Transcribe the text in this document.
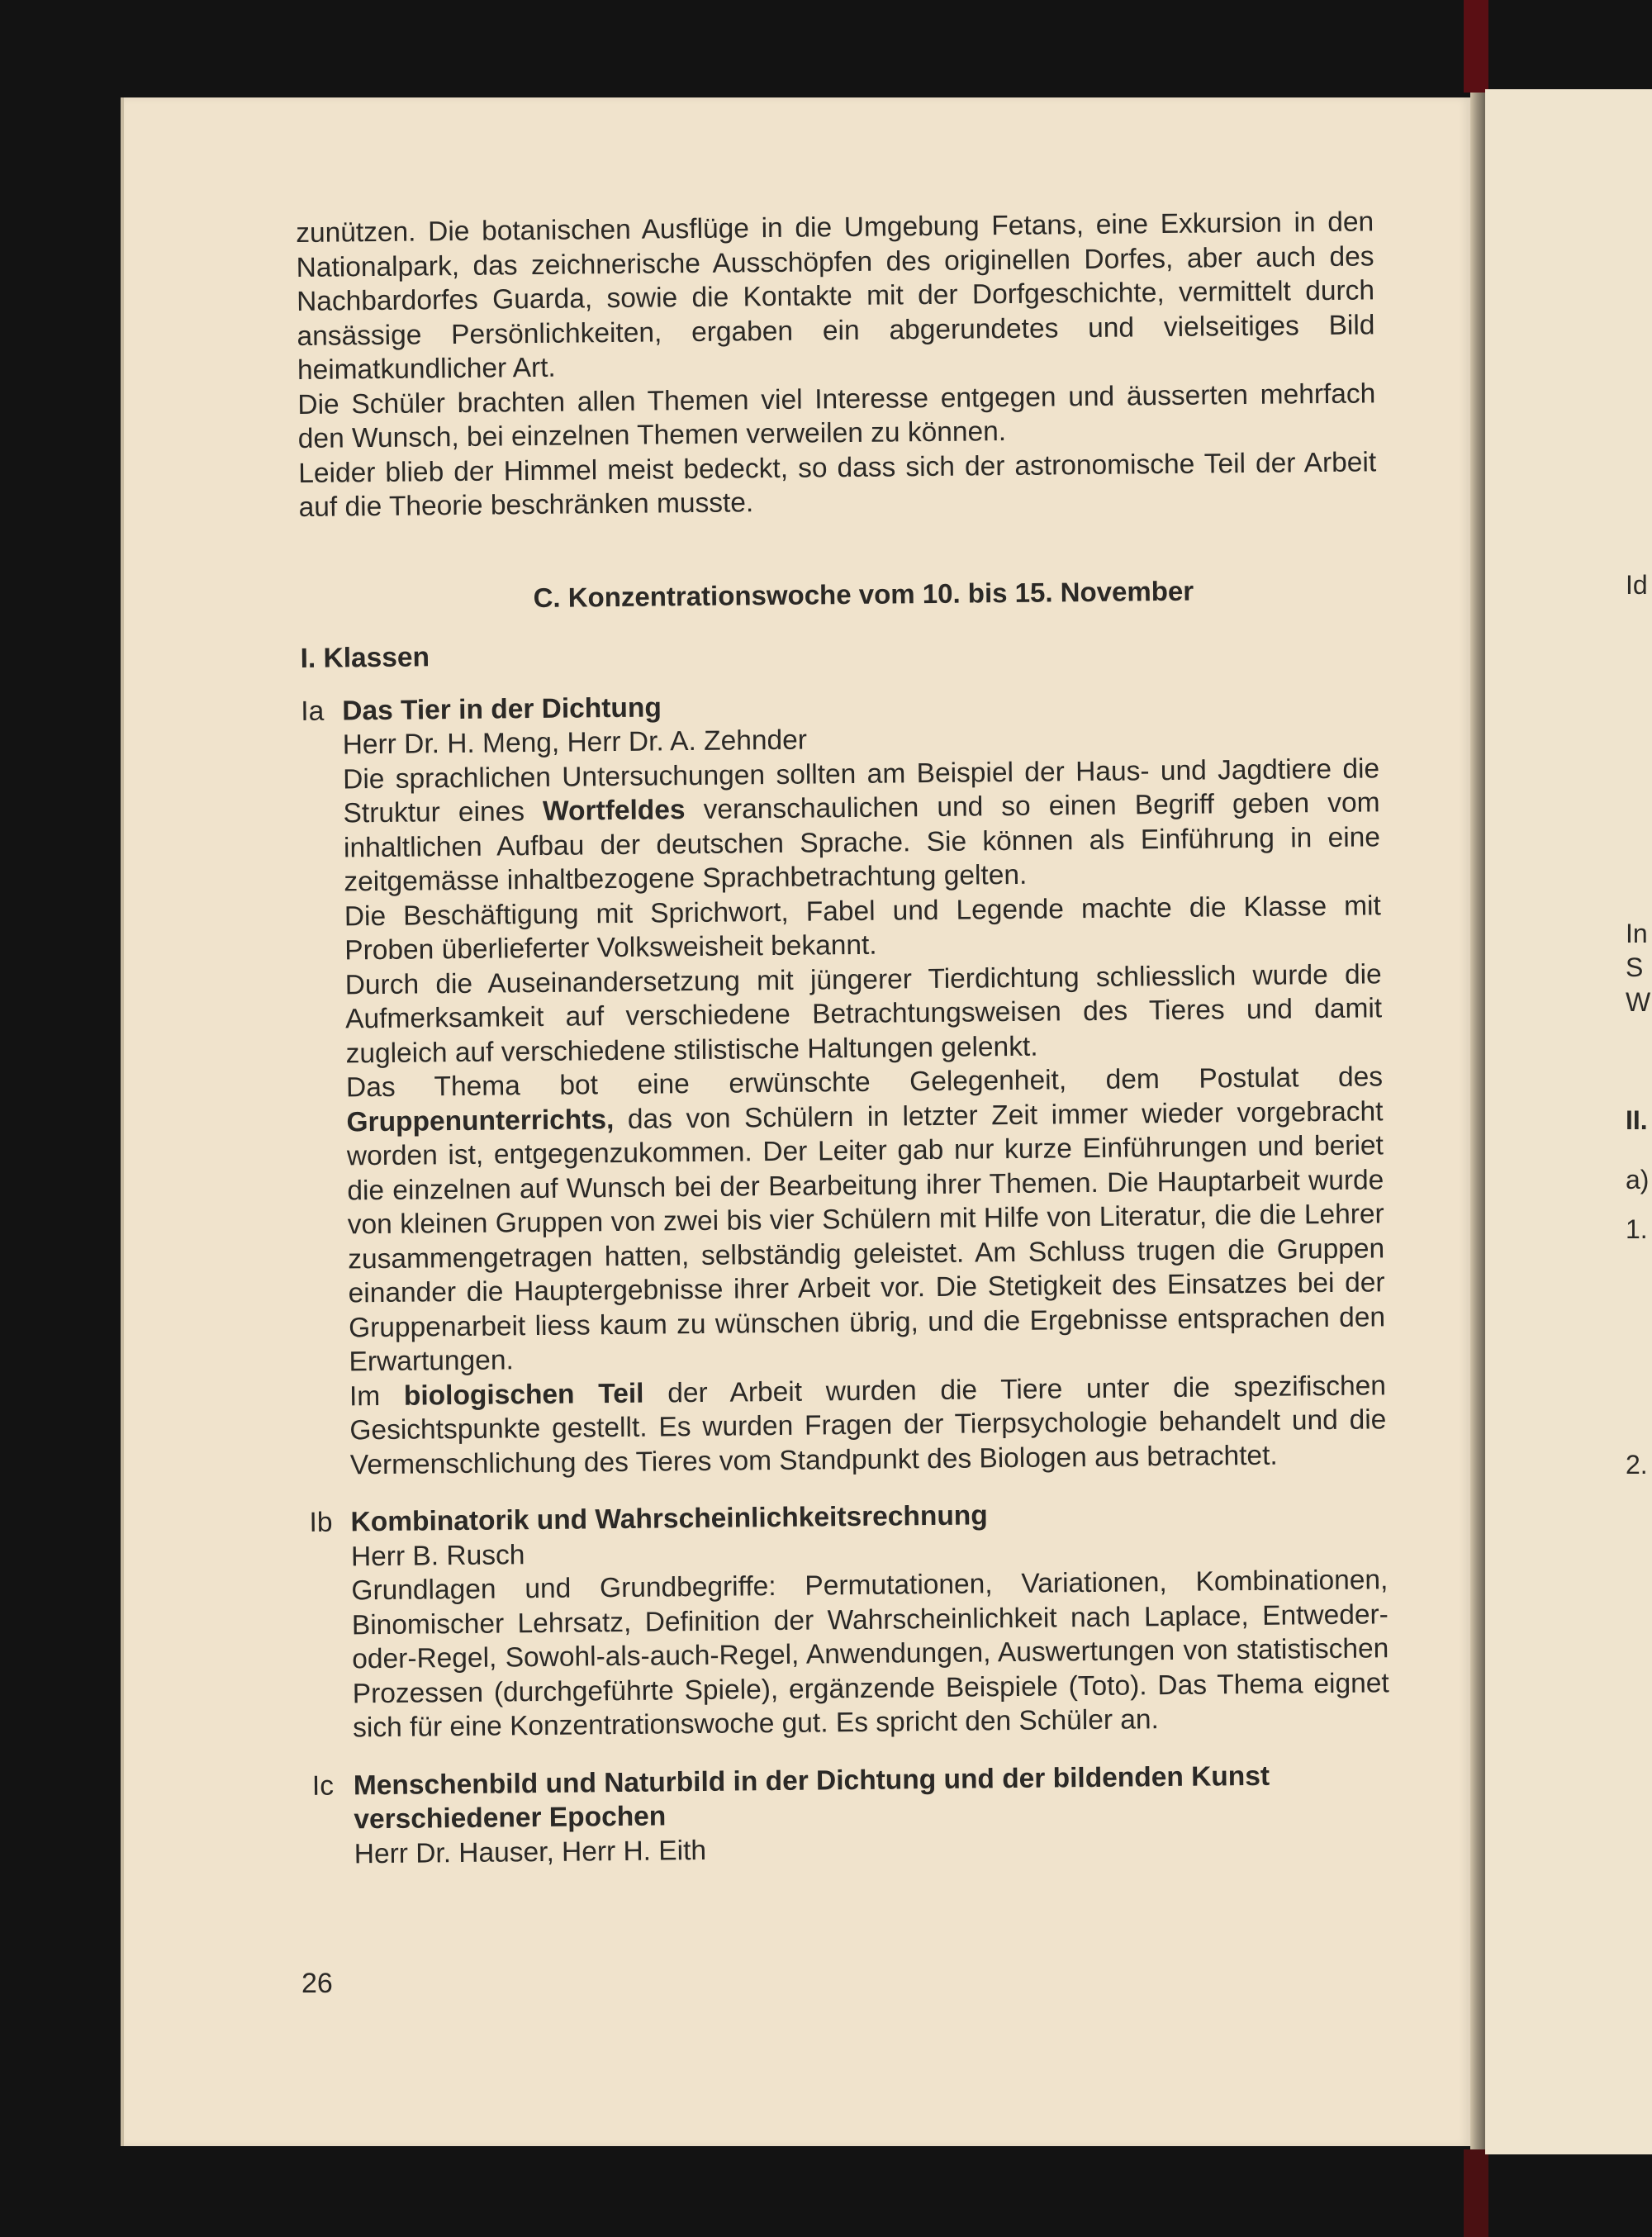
Id
In
S
W
II.
a)
1.
2.

zunützen. Die botanischen Ausflüge in die Umgebung Fetans, eine Exkursion in den Nationalpark, das zeichnerische Ausschöpfen des originellen Dorfes, aber auch des Nachbardorfes Guarda, sowie die Kontakte mit der Dorfgeschichte, vermittelt durch ansässige Persönlichkeiten, ergaben ein abgerundetes und vielseitiges Bild heimatkundlicher Art.

Die Schüler brachten allen Themen viel Interesse entgegen und äusserten mehrfach den Wunsch, bei einzelnen Themen verweilen zu können.

Leider blieb der Himmel meist bedeckt, so dass sich der astronomische Teil der Arbeit auf die Theorie beschränken musste.

C. Konzentrationswoche vom 10. bis 15. November
I. Klassen
Ia Das Tier in der Dichtung
Herr Dr. H. Meng, Herr Dr. A. Zehnder

Die sprachlichen Untersuchungen sollten am Beispiel der Haus- und Jagdtiere die Struktur eines Wortfeldes veranschaulichen und so einen Begriff geben vom inhaltlichen Aufbau der deutschen Sprache. Sie können als Einführung in eine zeitgemässe inhaltbezogene Sprachbetrachtung gelten.

Die Beschäftigung mit Sprichwort, Fabel und Legende machte die Klasse mit Proben überlieferter Volksweisheit bekannt.

Durch die Auseinandersetzung mit jüngerer Tierdichtung schliesslich wurde die Aufmerksamkeit auf verschiedene Betrachtungsweisen des Tieres und damit zugleich auf verschiedene stilistische Haltungen gelenkt.

Das Thema bot eine erwünschte Gelegenheit, dem Postulat des Gruppenunterrichts, das von Schülern in letzter Zeit immer wieder vorgebracht worden ist, entgegenzukommen. Der Leiter gab nur kurze Einführungen und beriet die einzelnen auf Wunsch bei der Bearbeitung ihrer Themen. Die Hauptarbeit wurde von kleinen Gruppen von zwei bis vier Schülern mit Hilfe von Literatur, die die Lehrer zusammengetragen hatten, selbständig geleistet. Am Schluss trugen die Gruppen einander die Hauptergebnisse ihrer Arbeit vor. Die Stetigkeit des Einsatzes bei der Gruppenarbeit liess kaum zu wünschen übrig, und die Ergebnisse entsprachen den Erwartungen.

Im biologischen Teil der Arbeit wurden die Tiere unter die spezifischen Gesichtspunkte gestellt. Es wurden Fragen der Tierpsychologie behandelt und die Vermenschlichung des Tieres vom Standpunkt des Biologen aus betrachtet.

Ib Kombinatorik und Wahrscheinlichkeitsrechnung
Herr B. Rusch

Grundlagen und Grundbegriffe: Permutationen, Variationen, Kombinationen, Binomischer Lehrsatz, Definition der Wahrscheinlichkeit nach Laplace, Entweder-oder-Regel, Sowohl-als-auch-Regel, Anwendungen, Auswertungen von statistischen Prozessen (durchgeführte Spiele), ergänzende Beispiele (Toto). Das Thema eignet sich für eine Konzentrationswoche gut. Es spricht den Schüler an.

Ic Menschenbild und Naturbild in der Dichtung und der bildenden Kunst verschiedener Epochen
Herr Dr. Hauser, Herr H. Eith
26
